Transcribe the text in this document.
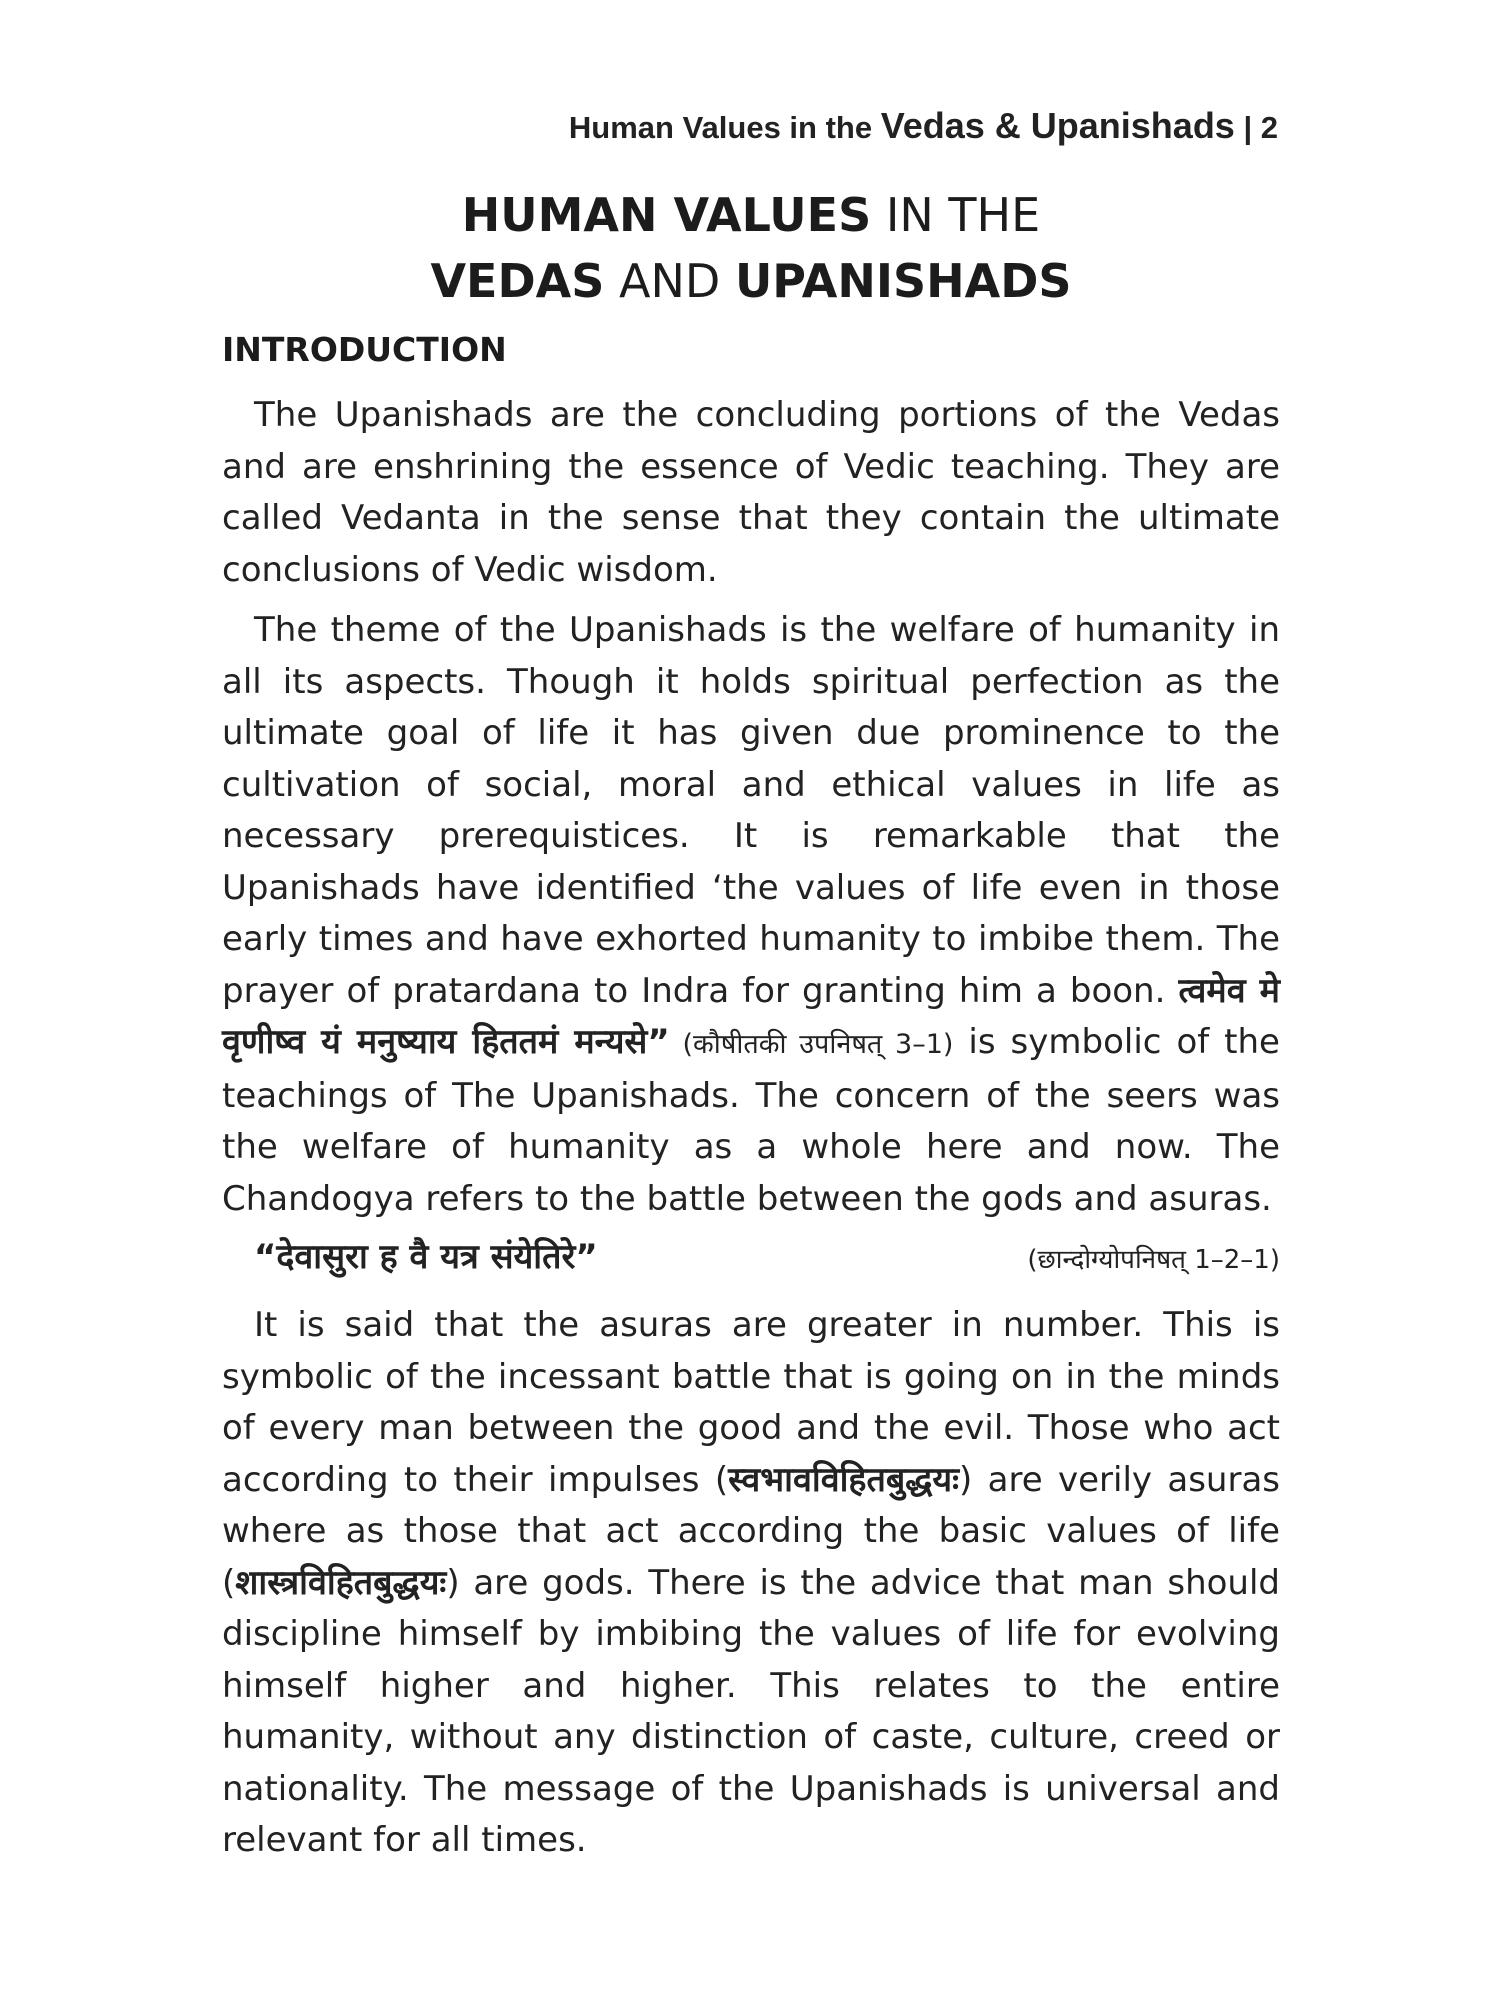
Human Values in the Vedas & Upanishads | 2
HUMAN VALUES IN THE
VEDAS AND UPANISHADS
INTRODUCTION

The Upanishads are the concluding portions of the Vedas and are enshrining the essence of Vedic teaching. They are called Vedanta in the sense that they contain the ultimate conclusions of Vedic wisdom.

The theme of the Upanishads is the welfare of humanity in all its aspects. Though it holds spiritual perfection as the ultimate goal of life it has given due prominence to the cultivation of social, moral and ethical values in life as necessary prerequistices. It is remarkable that the Upanishads have identified ‘the values of life even in those early times and have exhorted humanity to imbibe them. The prayer of pratardana to Indra for granting him a boon. त्वमेव मे वृणीष्व यं मनुष्याय हिततमं मन्यसे” (कौषीतकी उपनिषत् 3–1) is symbolic of the teachings of The Upanishads. The concern of the seers was the welfare of humanity as a whole here and now. The Chandogya refers to the battle between the gods and asuras.

“देवासुरा ह वै यत्र संयेतिरे”	(छान्दोग्योपनिषत् 1–2–1)

It is said that the asuras are greater in number. This is symbolic of the incessant battle that is going on in the minds of every man between the good and the evil. Those who act according to their impulses (स्वभावविहितबुद्धयः) are verily asuras where as those that act according the basic values of life (शास्त्रविहितबुद्धयः) are gods. There is the advice that man should discipline himself by imbibing the values of life for evolving himself higher and higher. This relates to the entire humanity, without any distinction of caste, culture, creed or nationality. The message of the Upanishads is universal and relevant for all times.
